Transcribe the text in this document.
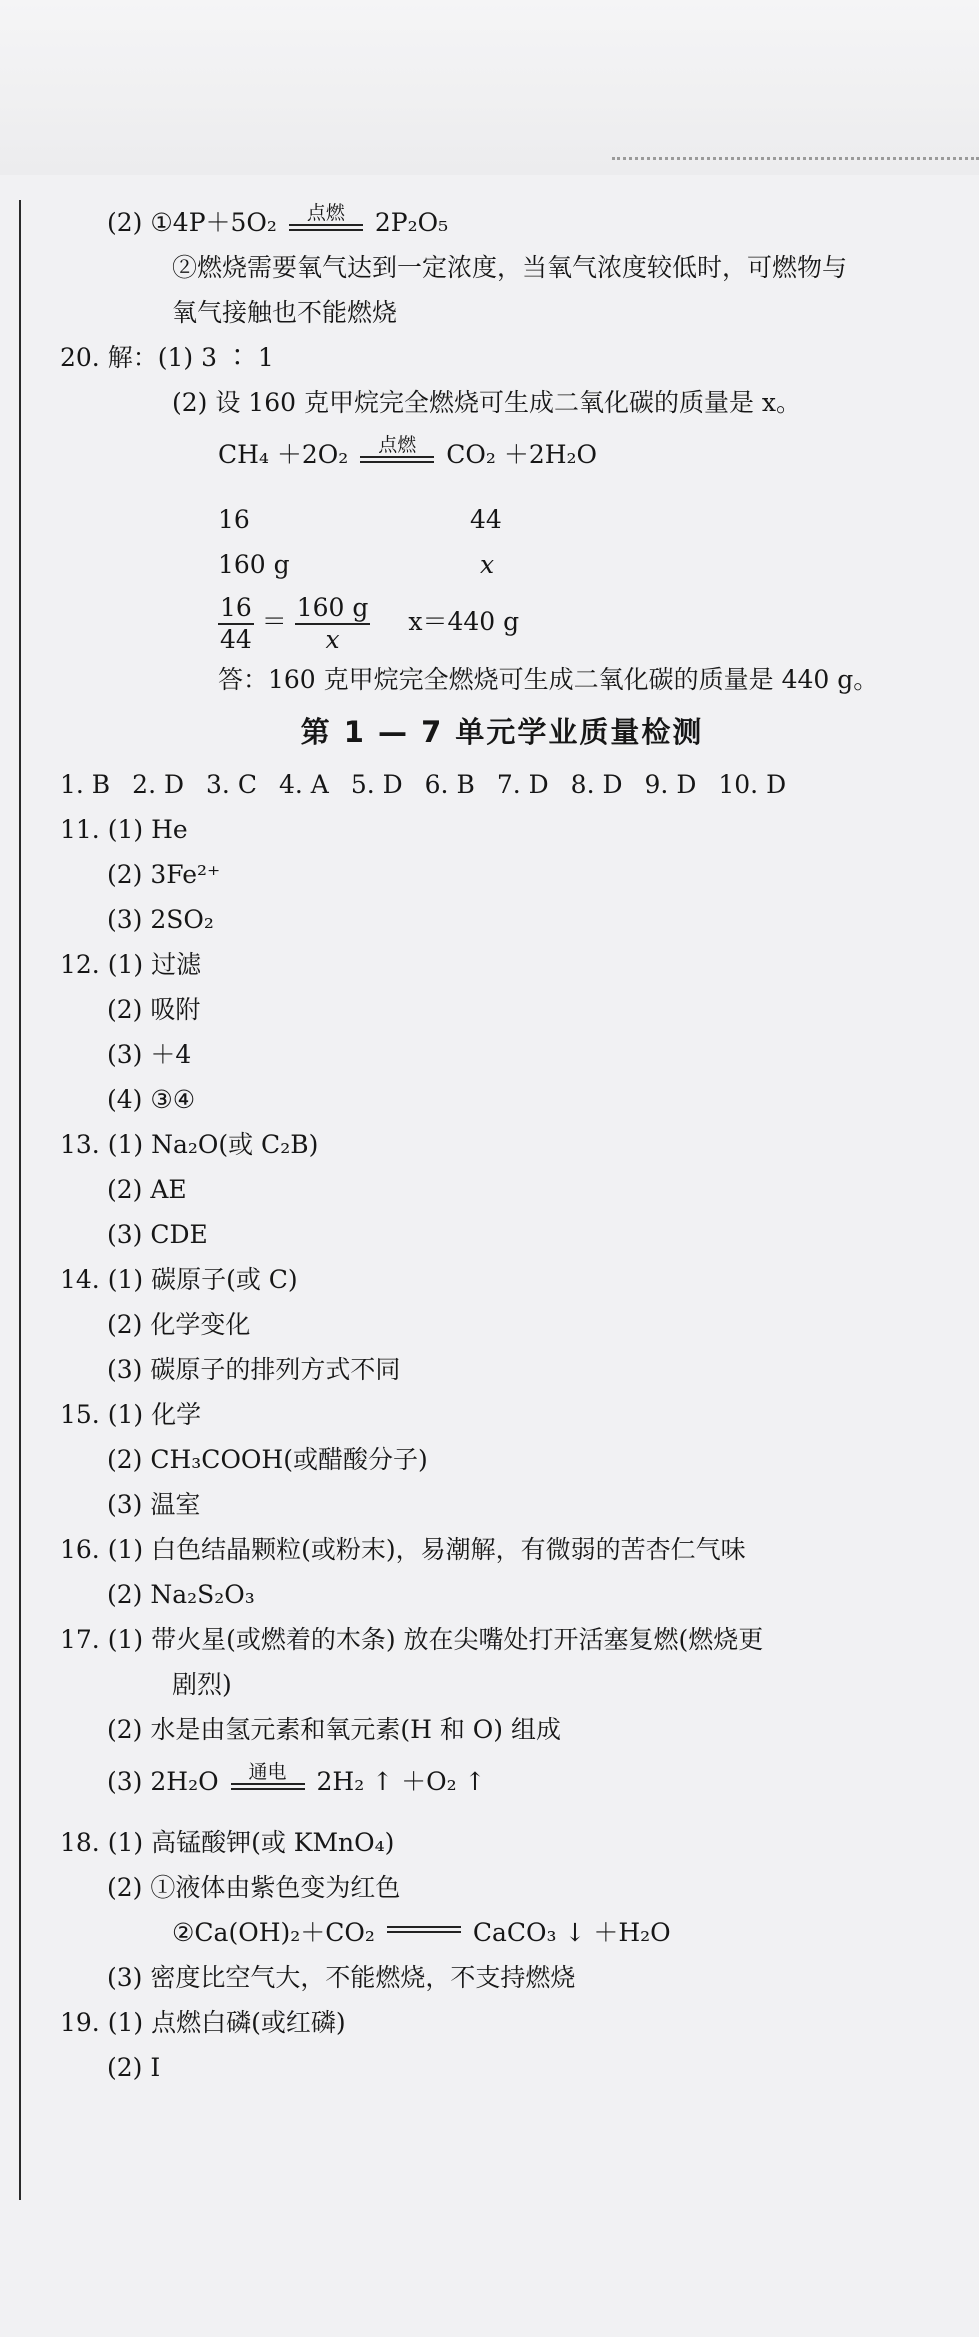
(2) ①4P＋5O₂	点燃	2P₂O₅
②燃烧需要氧气达到一定浓度，当氧气浓度较低时，可燃物与
氧气接触也不能燃烧
20. 解：(1) 3 ∶ 1
(2) 设 160 克甲烷完全燃烧可生成二氧化碳的质量是 x。
CH₄ ＋2O₂	点燃	CO₂ ＋2H₂O
16	44
160 g	x
$\frac{16}{44} = \frac{160 g}{x} x=440$ g
答：160 克甲烷完全燃烧可生成二氧化碳的质量是 440 g。
第 1 — 7 单元学业质量检测
1. B 2. D 3. C 4. A 5. D 6. B 7. D 8. D 9. D 10. D
11. (1) He
(2) 3Fe²⁺
(3) 2SO₂
12. (1) 过滤
(2) 吸附
(3) ＋4
(4) ③④
13. (1) Na₂O(或 C₂B)
(2) AE
(3) CDE
14. (1) 碳原子(或 C)
(2) 化学变化
(3) 碳原子的排列方式不同
15. (1) 化学
(2) CH₃COOH(或醋酸分子)
(3) 温室
16. (1) 白色结晶颗粒(或粉末)，易潮解，有微弱的苦杏仁气味
(2) Na₂S₂O₃
17. (1) 带火星(或燃着的木条) 放在尖嘴处打开活塞复燃(燃烧更
剧烈)
(2) 水是由氢元素和氧元素(H 和 O) 组成
(3) 2H₂O	通电	2H₂ ↑ ＋O₂ ↑
18. (1) 高锰酸钾(或 KMnO₄)
(2) ①液体由紫色变为红色
②Ca(OH)₂＋CO₂	CaCO₃ ↓ ＋H₂O
(3) 密度比空气大，不能燃烧，不支持燃烧
19. (1) 点燃白磷(或红磷)
(2) Ⅰ
